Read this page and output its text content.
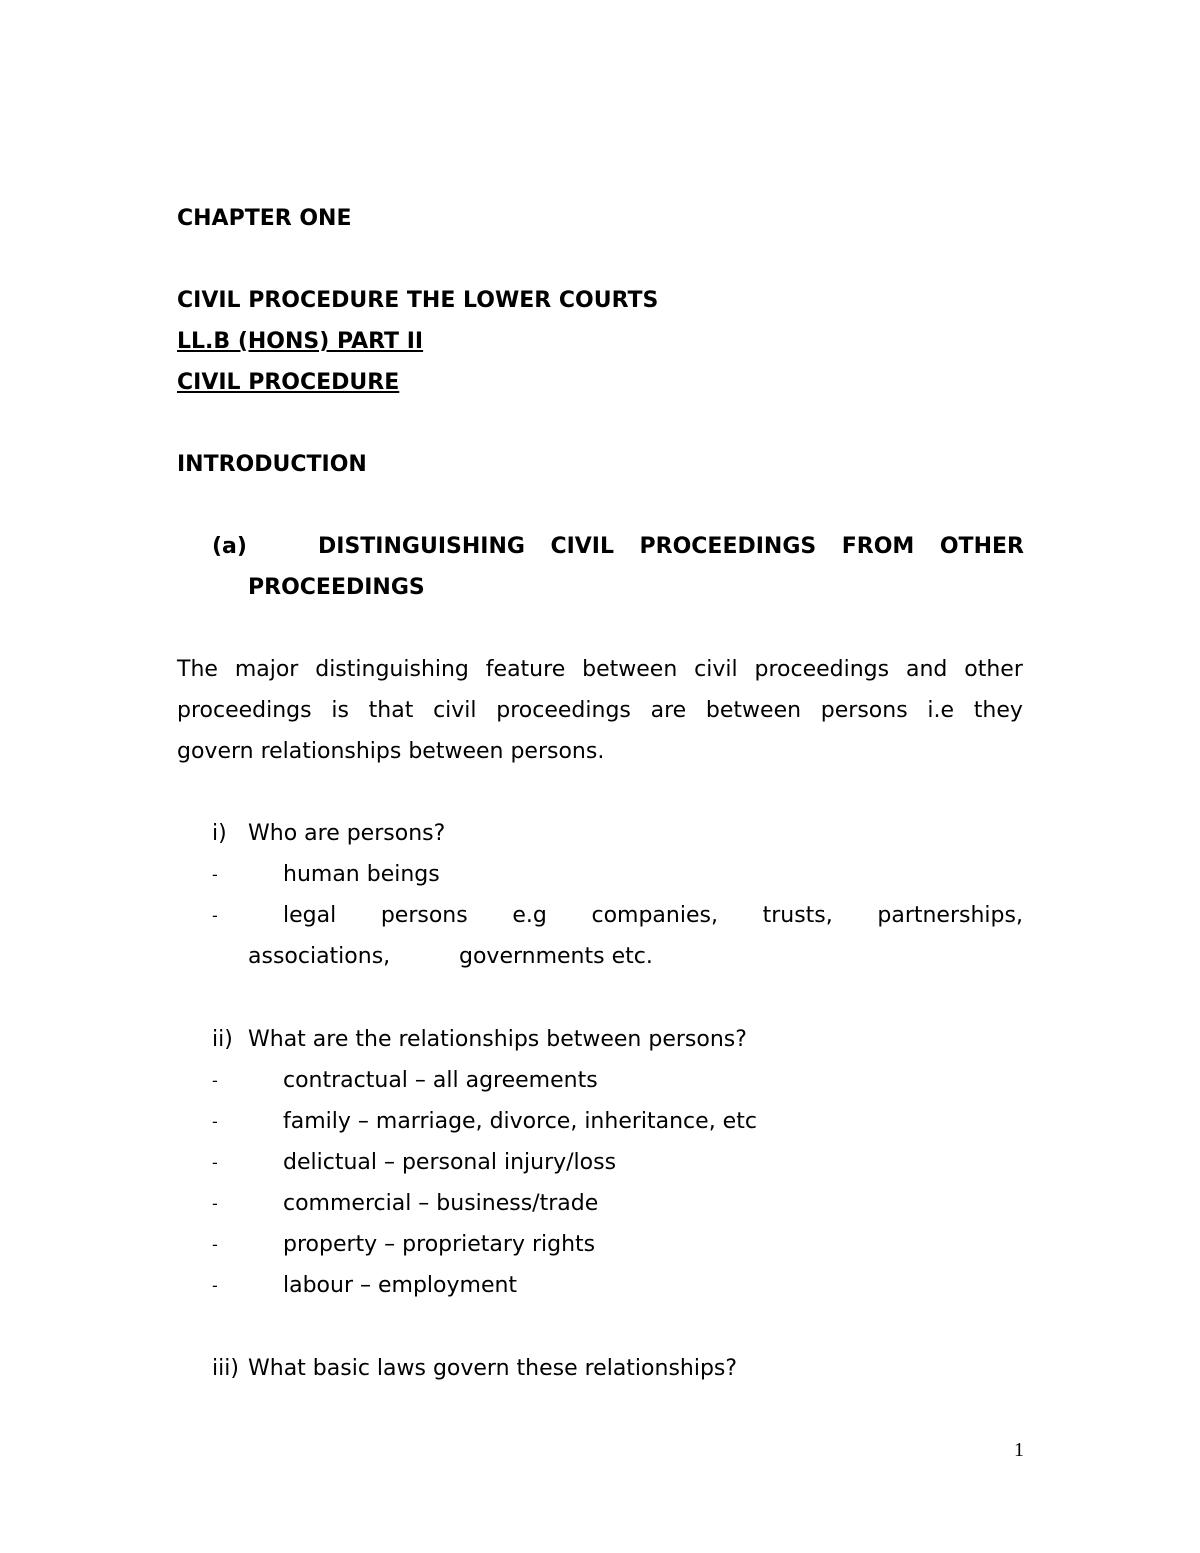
CHAPTER ONE
CIVIL PROCEDURE THE LOWER COURTS
LL.B (HONS) PART II
CIVIL PROCEDURE
INTRODUCTION
(a)	DISTINGUISHING CIVIL PROCEEDINGS FROM OTHER
PROCEEDINGS
The major distinguishing feature between civil proceedings and other
proceedings is that civil proceedings are between persons i.e they
govern relationships between persons.
i) Who are persons?
-	human beings
-	legal persons e.g companies, trusts, partnerships,
associations,	governments etc.
ii) What are the relationships between persons?
-	contractual – all agreements
-	family – marriage, divorce, inheritance, etc
-	delictual – personal injury/loss
-	commercial – business/trade
-	property – proprietary rights
-	labour – employment
iii) What basic laws govern these relationships?
1
